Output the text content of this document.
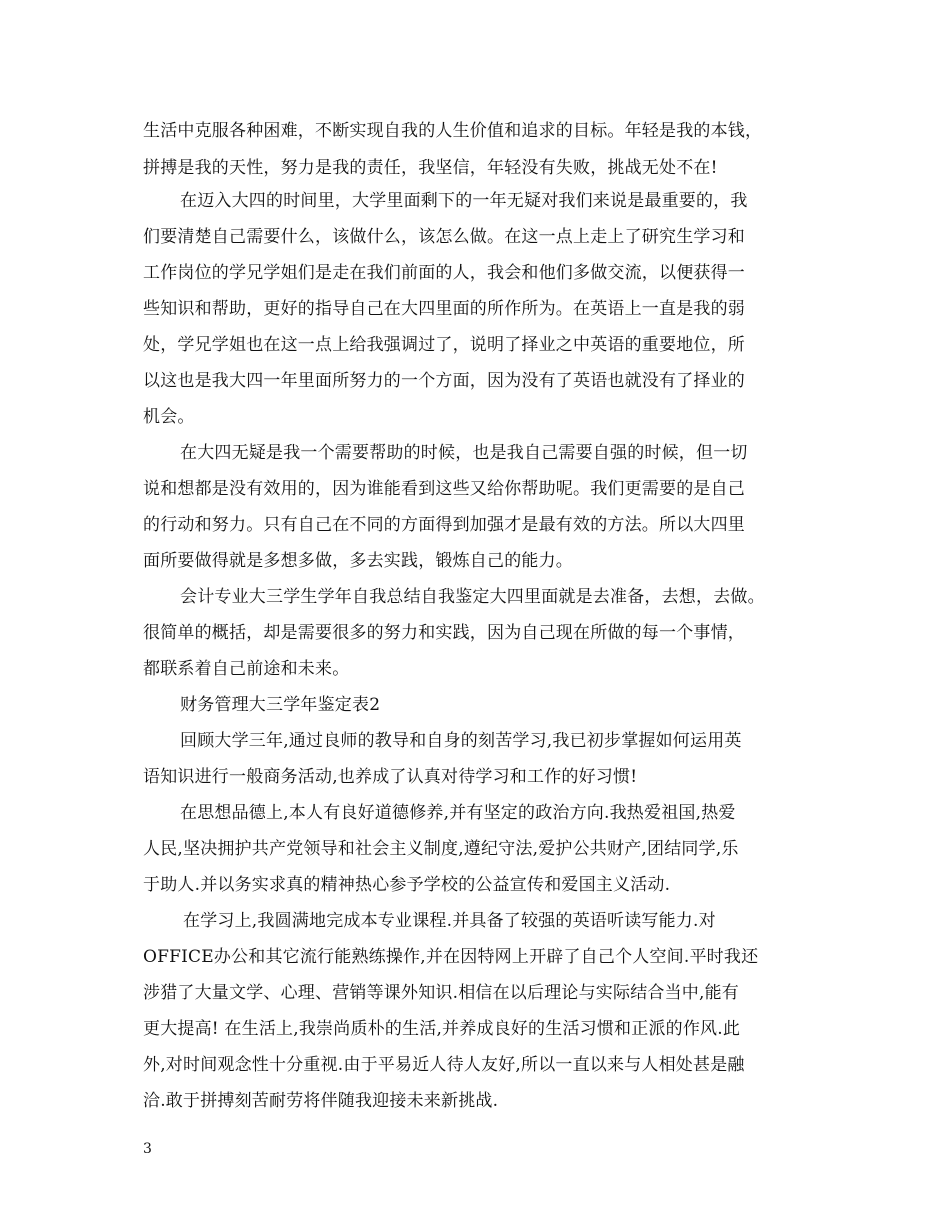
生活中克服各种困难，不断实现自我的人生价值和追求的目标。年轻是我的本钱，
拼搏是我的天性，努力是我的责任，我坚信，年轻没有失败，挑战无处不在!
在迈入大四的时间里，大学里面剩下的一年无疑对我们来说是最重要的，我
们要清楚自己需要什么，该做什么，该怎么做。在这一点上走上了研究生学习和
工作岗位的学兄学姐们是走在我们前面的人，我会和他们多做交流，以便获得一
些知识和帮助，更好的指导自己在大四里面的所作所为。在英语上一直是我的弱
处，学兄学姐也在这一点上给我强调过了，说明了择业之中英语的重要地位，所
以这也是我大四一年里面所努力的一个方面，因为没有了英语也就没有了择业的
机会。
在大四无疑是我一个需要帮助的时候，也是我自己需要自强的时候，但一切
说和想都是没有效用的，因为谁能看到这些又给你帮助呢。我们更需要的是自己
的行动和努力。只有自己在不同的方面得到加强才是最有效的方法。所以大四里
面所要做得就是多想多做，多去实践，锻炼自己的能力。
会计专业大三学生学年自我总结自我鉴定大四里面就是去准备，去想，去做。
很简单的概括，却是需要很多的努力和实践，因为自己现在所做的每一个事情，
都联系着自己前途和未来。
财务管理大三学年鉴定表2
回顾大学三年,通过良师的教导和自身的刻苦学习,我已初步掌握如何运用英
语知识进行一般商务活动,也养成了认真对待学习和工作的好习惯!
在思想品德上,本人有良好道德修养,并有坚定的政治方向.我热爱祖国,热爱
人民,坚决拥护共产党领导和社会主义制度,遵纪守法,爱护公共财产,团结同学,乐
于助人.并以务实求真的精神热心参予学校的公益宣传和爱国主义活动.
在学习上,我圆满地完成本专业课程.并具备了较强的英语听读写能力.对
OFFICE办公和其它流行能熟练操作,并在因特网上开辟了自己个人空间.平时我还
涉猎了大量文学、心理、营销等课外知识.相信在以后理论与实际结合当中,能有
更大提高! 在生活上,我崇尚质朴的生活,并养成良好的生活习惯和正派的作风.此
外,对时间观念性十分重视.由于平易近人待人友好,所以一直以来与人相处甚是融
洽.敢于拼搏刻苦耐劳将伴随我迎接未来新挑战.
3
